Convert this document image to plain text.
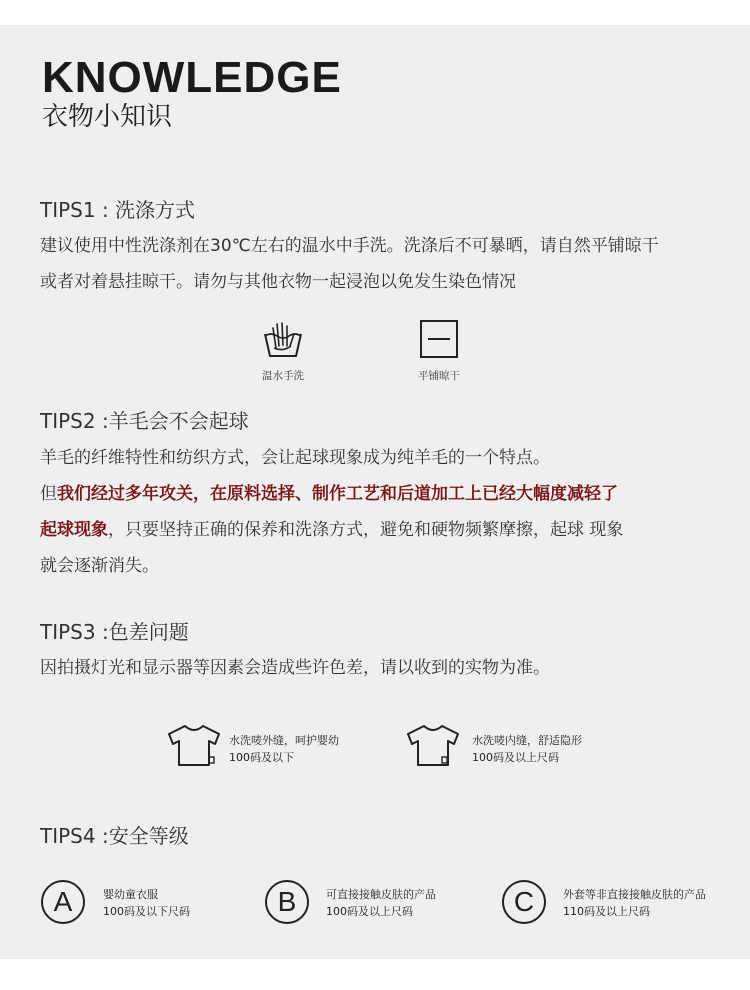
KNOWLEDGE
衣物小知识
TIPS1 : 洗涤方式
建议使用中性洗涤剂在30℃左右的温水中手洗。洗涤后不可暴晒，请自然平铺晾干
或者对着悬挂晾干。请勿与其他衣物一起浸泡以免发生染色情况
温水手洗	平铺晾干
TIPS2 :羊毛会不会起球
羊毛的纤维特性和纺织方式，会让起球现象成为纯羊毛的一个特点。
但我们经过多年攻关，在原料选择、制作工艺和后道加工上已经大幅度减轻了
起球现象，只要坚持正确的保养和洗涤方式，避免和硬物频繁摩擦，起球 现象
就会逐渐消失。
TIPS3 :色差问题
因拍摄灯光和显示器等因素会造成些许色差，请以收到的实物为准。
水洗唛外缝，呵护婴幼
100码及以下
水洗唛内缝，舒适隐形
100码及以上尺码
TIPS4 :安全等级
A	婴幼童衣服
100码及以下尺码	B	可直接接触皮肤的产品
100码及以上尺码	C	外套等非直接接触皮肤的产品
110码及以上尺码
